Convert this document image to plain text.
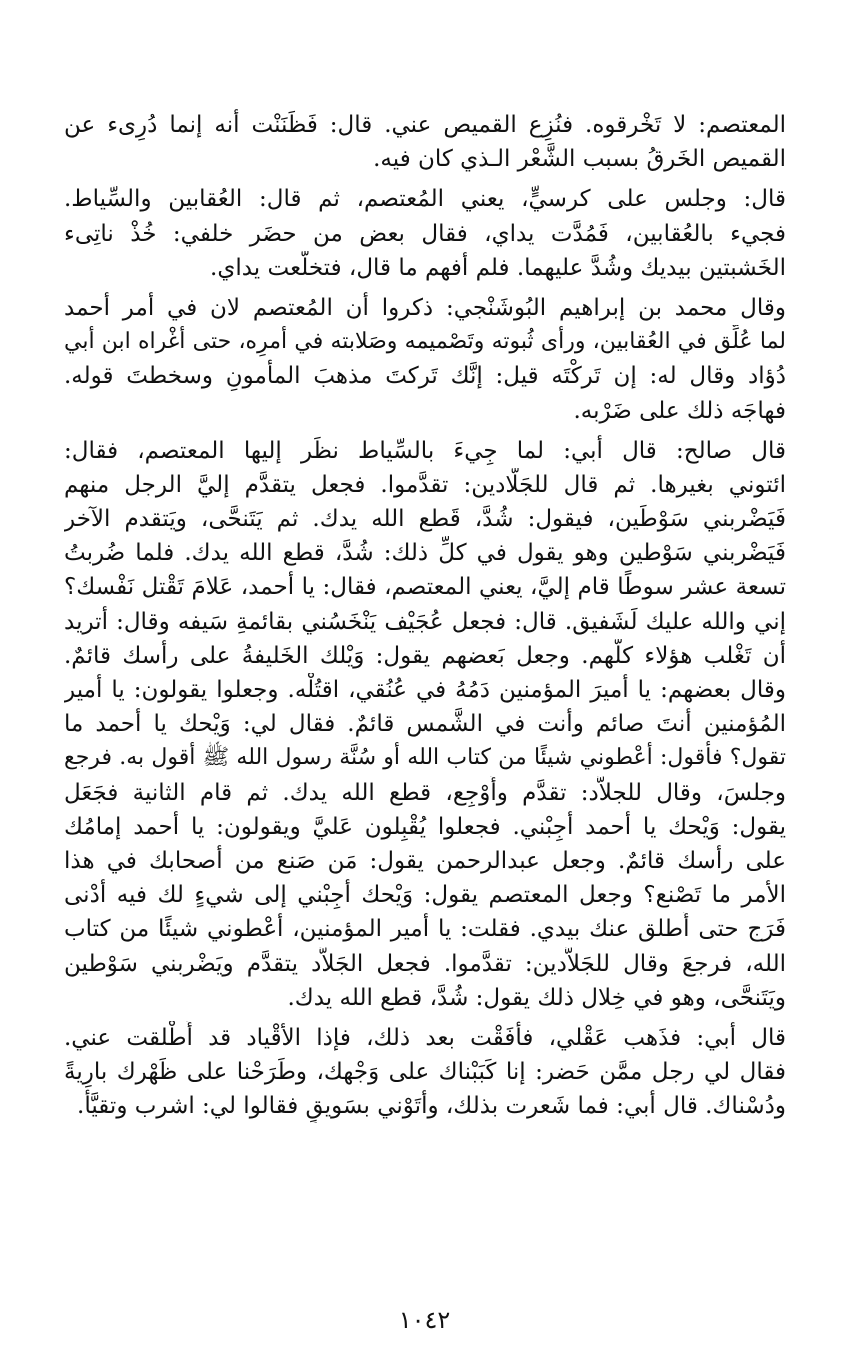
المعتصم: لا تَخْرقوه. فنُزِع القميص عني. قال: فَظَنَنْت أنه إنما دُرِىء عن
القميص الخَرقُ بسبب الشَّعْر الـذي كان فيه.
قال: وجلس على كرسيٍّ، يعني المُعتصم، ثم قال: العُقابين والسِّياط.
فجيء بالعُقابين، فَمُدَّت يداي، فقال بعض من حضَر خلفي: خُذْ ناتِىء
الخَشبتين بيديك وشُدَّ عليهما. فلم أفهم ما قال، فتخلَّعت يداي.
وقال محمد بن إبراهيم البُوشَنْجي: ذكروا أن المُعتصم لان في أمر أحمد
لما عُلِّق في العُقابين، ورأى ثُبوته وتَصْميمه وصَلابته في أمرِه، حتى أغْراه ابن أبي
دُؤاد وقال له: إن تَركْتَه قيل: إنَّك تَركتَ مذهبَ المأمونِ وسخطتَ قوله.
فهاجَه ذلك على ضَرْبه.
قال صالح: قال أبي: لما جِيءَ بالسِّياط نظَر إليها المعتصم، فقال:
ائتوني بغيرها. ثم قال للجَلَّادين: تقدَّموا. فجعل يتقدَّم إليَّ الرجل منهم
فَيَضْربني سَوْطَين، فيقول: شُدَّ، قَطع الله يدك. ثم يَتَنحَّى، ويَتقدم الآخر
فَيَضْربني سَوْطين وهو يقول في كلِّ ذلك: شُدَّ، قطع الله يدك. فلما ضُربتُ
تسعة عشر سوطًا قام إليَّ، يعني المعتصم، فقال: يا أحمد، عَلامَ تَقْتل نَفْسك؟
إني والله عليك لَشَفيق. قال: فجعل عُجَيْف يَنْخَسُني بقائمةِ سَيفه وقال: أتريد
أن تَغْلب هؤلاء كلَّهم. وجعل بَعضهم يقول: وَيْلك الخَليفةُ على رأسك قائمٌ.
وقال بعضهم: يا أميرَ المؤمنين دَمُهُ في عُنُقي، اقتُلْه. وجعلوا يقولون: يا أمير
المُؤمنين أنتَ صائم وأنت في الشَّمس قائمٌ. فقال لي: وَيْحك يا أحمد ما
تقول؟ فأقول: أعْطوني شيئًا من كتاب الله أو سُنَّة رسول الله ﷺ أقول به. فرجع
وجلسَ، وقال للجلاَّد: تقدَّم وأَوْجِع، قطع الله يدك. ثم قام الثانية فجَعَل
يقول: وَيْحك يا أحمد أجِبْني. فجعلوا يُقْبِلون عَليَّ ويقولون: يا أحمد إمامُك
على رأسك قائمٌ. وجعل عبدالرحمن يقول: مَن صَنع من أصحابك في هذا
الأمر ما تَصْنع؟ وجعل المعتصم يقول: وَيْحك أجِبْني إلى شيءٍ لك فيه أدْنى
فَرَج حتى أُطلق عنك بيدي. فقلت: يا أمير المؤمنين، أعْطوني شيئًا من كتاب
الله، فرجعَ وقال للجَلاَّدين: تقدَّموا. فجعل الجَلاَّد يتقدَّم ويَضْربني سَوْطين
ويَتَنحَّى، وهو في خِلال ذلك يقول: شُدَّ، قطع الله يدك.
قال أبي: فذَهب عَقْلي، فأفَقْت بعد ذلك، فإذا الأقْياد قد أُطْلقت عني.
فقال لي رجل ممَّن حَضر: إنا كَبَبْناك على وَجْهك، وطَرَحْنا على ظَهْرك بارِيةً
ودُسْناك. قال أبي: فما شَعرت بذلك، وأتَوْني بسَويقٍ فقالوا لي: اشرب وتقيَّأْ.
١٠٤٢
